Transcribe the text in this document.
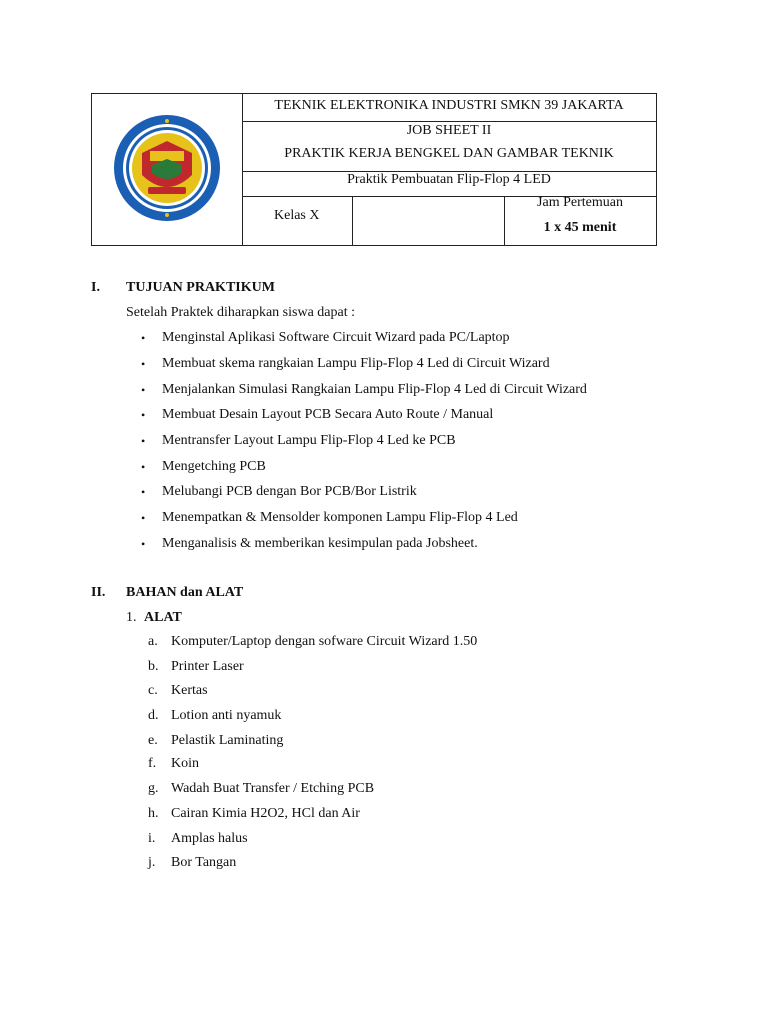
TEKNIK ELEKTRONIKA INDUSTRI SMKN 39 JAKARTA
JOB SHEET II
PRAKTIK KERJA BENGKEL DAN GAMBAR TEKNIK
Praktik Pembuatan Flip-Flop 4 LED
Kelas X
Jam Pertemuan
1 x 45 menit
I. TUJUAN PRAKTIKUM
Setelah Praktek diharapkan siswa dapat :
• Menginstal Aplikasi Software Circuit Wizard pada PC/Laptop
• Membuat skema rangkaian Lampu Flip-Flop 4 Led di Circuit Wizard
• Menjalankan Simulasi Rangkaian Lampu Flip-Flop 4 Led di Circuit Wizard
• Membuat Desain Layout PCB Secara Auto Route / Manual
• Mentransfer Layout Lampu Flip-Flop 4 Led ke PCB
• Mengetching PCB
• Melubangi PCB dengan Bor PCB/Bor Listrik
• Menempatkan & Mensolder komponen Lampu Flip-Flop 4 Led
• Menganalisis & memberikan kesimpulan pada Jobsheet.
II. BAHAN dan ALAT
1. ALAT
a. Komputer/Laptop dengan sofware Circuit Wizard 1.50
b. Printer Laser
c. Kertas
d. Lotion anti nyamuk
e. Pelastik Laminating
f. Koin
g. Wadah Buat Transfer / Etching PCB
h. Cairan Kimia H2O2, HCl dan Air
i. Amplas halus
j. Bor Tangan
